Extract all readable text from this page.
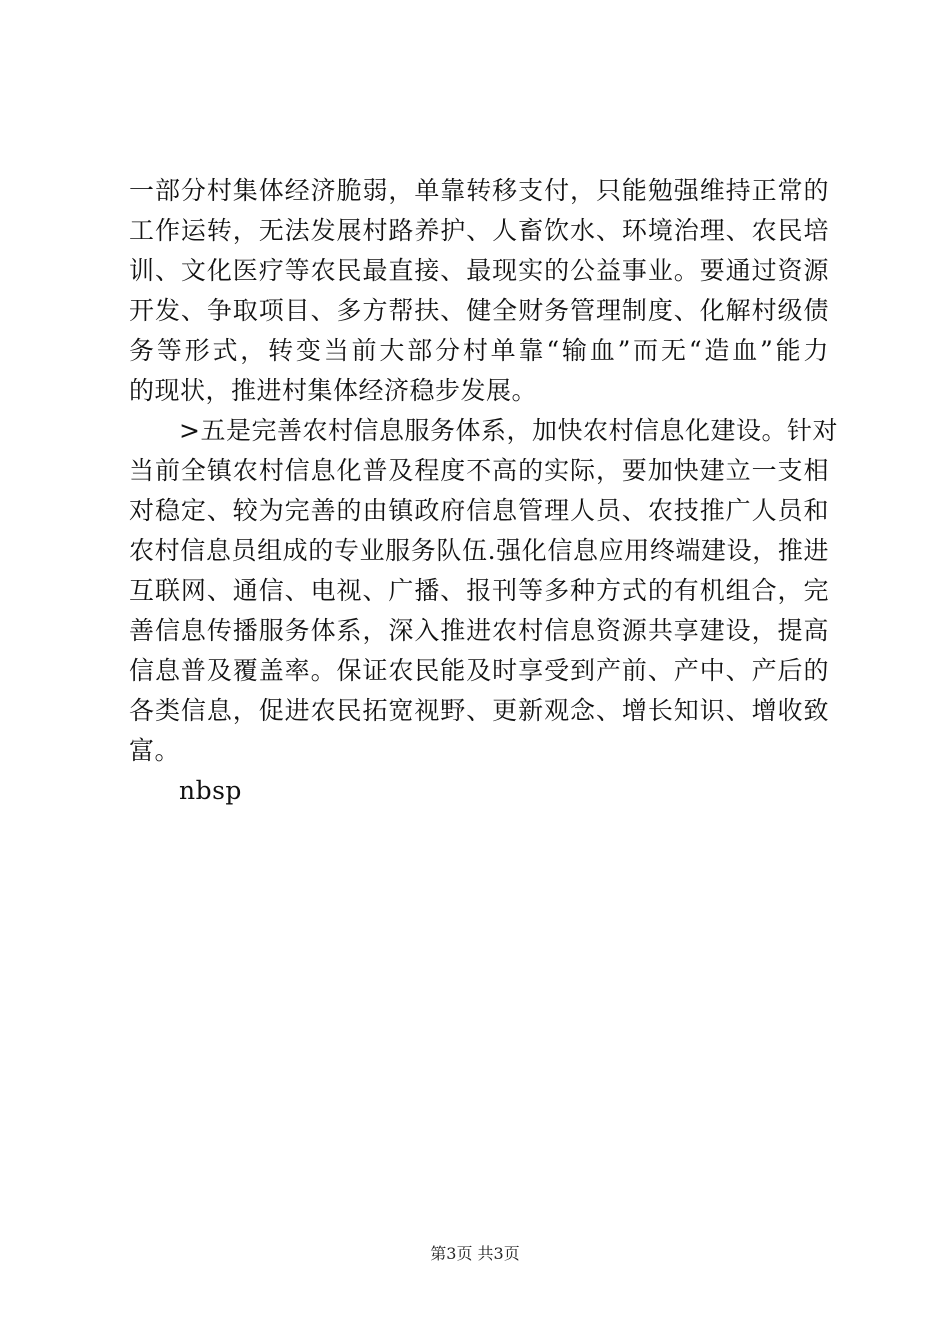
一部分村集体经济脆弱，单靠转移支付，只能勉强维持正常的
工作运转，无法发展村路养护、人畜饮水、环境治理、农民培
训、文化医疗等农民最直接、最现实的公益事业。要通过资源
开发、争取项目、多方帮扶、健全财务管理制度、化解村级债
务等形式，转变当前大部分村单靠“输血”而无“造血”能力
的现状，推进村集体经济稳步发展。
>五是完善农村信息服务体系，加快农村信息化建设。针对
当前全镇农村信息化普及程度不高的实际，要加快建立一支相
对稳定、较为完善的由镇政府信息管理人员、农技推广人员和
农村信息员组成的专业服务队伍.强化信息应用终端建设，推进
互联网、通信、电视、广播、报刊等多种方式的有机组合，完
善信息传播服务体系，深入推进农村信息资源共享建设，提高
信息普及覆盖率。保证农民能及时享受到产前、产中、产后的
各类信息，促进农民拓宽视野、更新观念、增长知识、增收致
富。
nbsp
第3页 共3页
